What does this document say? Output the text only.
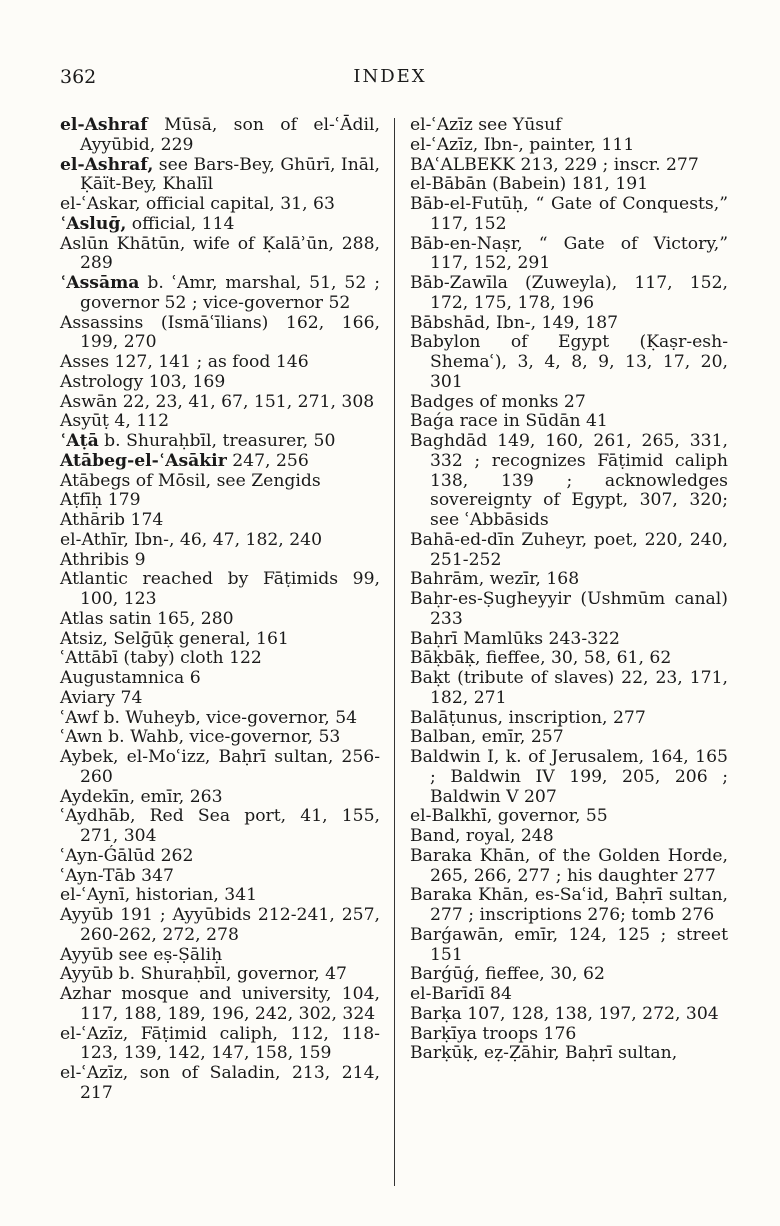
362	INDEX
el-Ashraf Mūsā, son of el-ʿĀdil, Ayyūbid, 229
el-Ashraf, see Bars-Bey, Ghūrī, Ināl, Ḳāït-Bey, Khalīl
el-ʿAskar, official capital, 31, 63
ʿAsluḡ, official, 114
Aslūn Khātūn, wife of Ḳalāʾūn, 288, 289
ʿAssāma b. ʿAmr, marshal, 51, 52 ; governor 52 ; vice-governor 52
Assassins (Ismāʿīlians) 162, 166, 199, 270
Asses 127, 141 ; as food 146
Astrology 103, 169
Aswān 22, 23, 41, 67, 151, 271, 308
Asyūṭ 4, 112
ʿAṭā b. Shuraḥbīl, treasurer, 50
Atābeg-el-ʿAsākir 247, 256
Atābegs of Mōsil, see Zengids
Aṭfīḥ 179
Athārib 174
el-Athīr, Ibn-, 46, 47, 182, 240
Athribis 9
Atlantic reached by Fāṭimids 99, 100, 123
Atlas satin 165, 280
Atsiz, Selḡūḳ general, 161
ʿAttābī (taby) cloth 122
Augustamnica 6
Aviary 74
ʿAwf b. Wuheyb, vice-governor, 54
ʿAwn b. Wahb, vice-governor, 53
Aybek, el-Moʿizz, Baḥrī sultan, 256-260
Aydekīn, emīr, 263
ʿAydhāb, Red Sea port, 41, 155, 271, 304
ʿAyn-Ǵālūd 262
ʿAyn-Tāb 347
el-ʿAynī, historian, 341
Ayyūb 191 ; Ayyūbids 212-241, 257, 260-262, 272, 278
Ayyūb see eṣ-Ṣāliḥ
Ayyūb b. Shuraḥbīl, governor, 47
Azhar mosque and university, 104, 117, 188, 189, 196, 242, 302, 324
el-ʿAzīz, Fāṭimid caliph, 112, 118-123, 139, 142, 147, 158, 159
el-ʿAzīz, son of Saladin, 213, 214, 217
el-ʿAzīz see Yūsuf
el-ʿAzīz, Ibn-, painter, 111
BAʿALBEKK 213, 229 ; inscr. 277
el-Bābān (Babein) 181, 191
Bāb-el-Futūḥ, “ Gate of Conquests,” 117, 152
Bāb-en-Naṣr, “ Gate of Victory,” 117, 152, 291
Bāb-Zawīla (Zuweyla), 117, 152, 172, 175, 178, 196
Bābshād, Ibn-, 149, 187
Babylon of Egypt (Ḳaṣr-esh-Shemaʿ), 3, 4, 8, 9, 13, 17, 20, 301
Badges of monks 27
Baǵa race in Sūdān 41
Baghdād 149, 160, 261, 265, 331, 332 ; recognizes Fāṭimid caliph 138, 139 ; acknowledges sovereignty of Egypt, 307, 320; see ʿAbbāsids
Bahā-ed-dīn Zuheyr, poet, 220, 240, 251-252
Bahrām, wezīr, 168
Baḥr-es-Ṣugheyyir (Ushmūm canal) 233
Baḥrī Mamlūks 243-322
Bāḳbāḳ, fieffee, 30, 58, 61, 62
Baḳt (tribute of slaves) 22, 23, 171, 182, 271
Balāṭunus, inscription, 277
Balban, emīr, 257
Baldwin I, k. of Jerusalem, 164, 165 ; Baldwin IV 199, 205, 206 ; Baldwin V 207
el-Balkhī, governor, 55
Band, royal, 248
Baraka Khān, of the Golden Horde, 265, 266, 277 ; his daughter 277
Baraka Khān, es-Saʿid, Baḥrī sultan, 277 ; inscriptions 276; tomb 276
Barǵawān, emīr, 124, 125 ; street 151
Barǵūǵ, fieffee, 30, 62
el-Barīdī 84
Barḳa 107, 128, 138, 197, 272, 304
Barḳīya troops 176
Barḳūḳ, eẓ-Ẓāhir, Baḥrī sultan,
